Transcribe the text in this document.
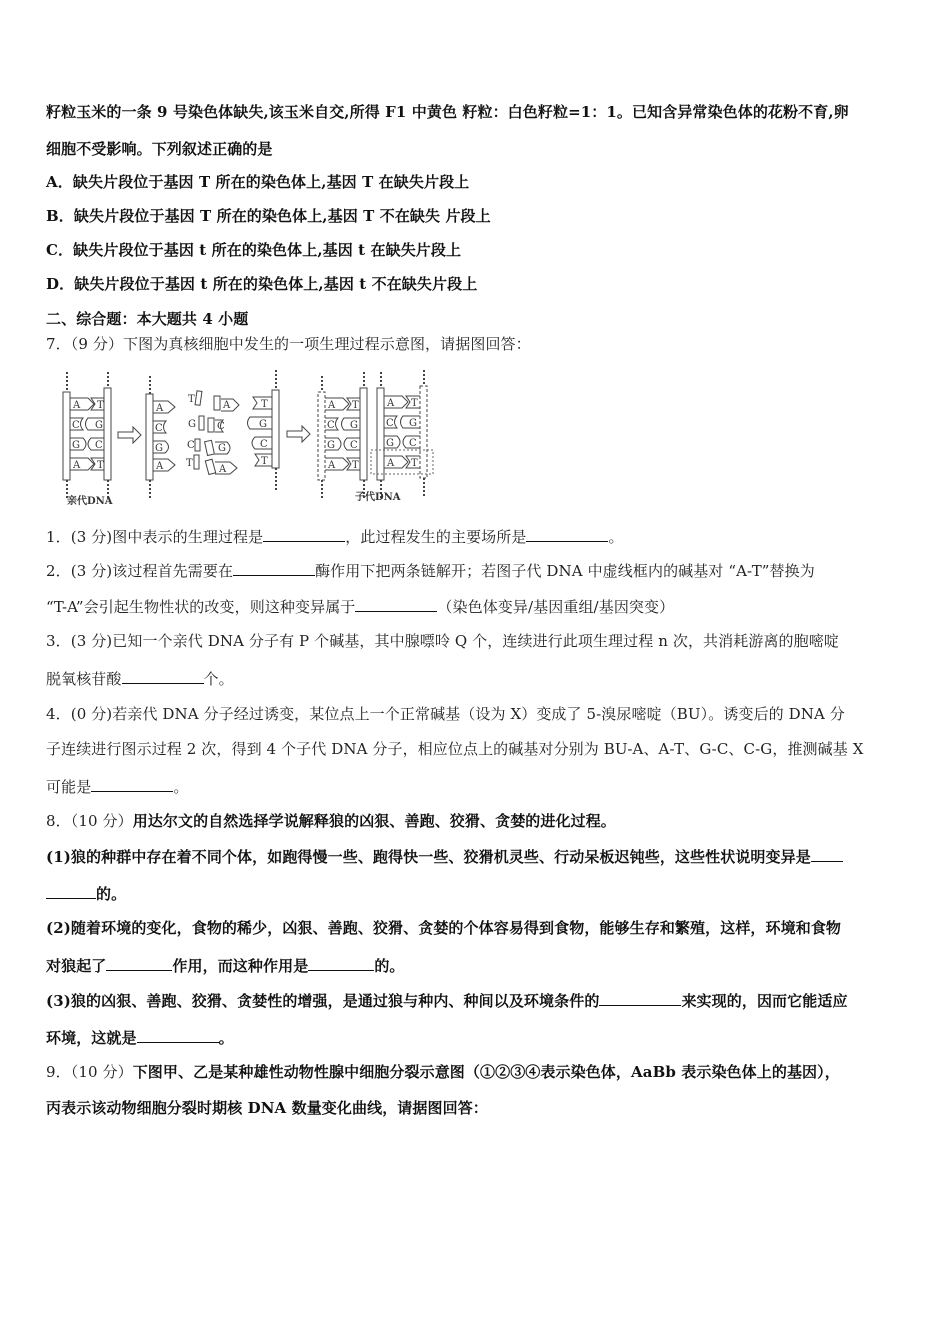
籽粒玉米的一条 9 号染色体缺失,该玉米自交,所得 F1 中黄色 籽粒：白色籽粒=1：1。已知含异常染色体的花粉不育,卵
细胞不受影响。下列叙述正确的是
A．缺失片段位于基因 T 所在的染色体上,基因 T 在缺失片段上
B．缺失片段位于基因 T 所在的染色体上,基因 T 不在缺失 片段上
C．缺失片段位于基因 t 所在的染色体上,基因 t 在缺失片段上
D．缺失片段位于基因 t 所在的染色体上,基因 t 不在缺失片段上
二、综合题：本大题共 4 小题
7．（9 分）下图为真核细胞中发生的一项生理过程示意图，请据图回答：
A T
C G
G C
A T
A
C
G
A
T
G
C
T
A
C
G
A
T
G
C
T
A T
C G
G C
A T
A T
C G
G C
A T
亲代DNA	子代DNA
1．(3 分)图中表示的生理过程是	，此过程发生的主要场所是	。
2．(3 分)该过程首先需要在	酶作用下把两条链解开；若图子代 DNA 中虚线框内的碱基对 “A-T”替换为
“T-A”会引起生物性状的改变，则这种变异属于	（染色体变异/基因重组/基因突变）
3．(3 分)已知一个亲代 DNA 分子有 P 个碱基，其中腺嘌呤 Q 个，连续进行此项生理过程 n 次，共消耗游离的胞嘧啶
脱氧核苷酸	个。
4．(0 分)若亲代 DNA 分子经过诱变，某位点上一个正常碱基（设为 X）变成了 5-溴尿嘧啶（BU）。诱变后的 DNA 分
子连续进行图示过程 2 次，得到 4 个子代 DNA 分子，相应位点上的碱基对分别为 BU-A、A-T、G-C、C-G，推测碱基 X
可能是	。
8．（10 分）用达尔文的自然选择学说解释狼的凶狠、善跑、狡猾、贪婪的进化过程。
(1)狼的种群中存在着不同个体，如跑得慢一些、跑得快一些、狡猾机灵些、行动呆板迟钝些，这些性状说明变异是
的。
(2)随着环境的变化，食物的稀少，凶狠、善跑、狡猾、贪婪的个体容易得到食物，能够生存和繁殖，这样，环境和食物
对狼起了	作用，而这种作用是	的。
(3)狼的凶狠、善跑、狡猾、贪婪性的增强，是通过狼与种内、种间以及环境条件的	来实现的，因而它能适应
环境，这就是	。
9．（10 分）下图甲、乙是某种雄性动物性腺中细胞分裂示意图（①②③④表示染色体，AaBb 表示染色体上的基因），
丙表示该动物细胞分裂时期核 DNA 数量变化曲线，请据图回答：
